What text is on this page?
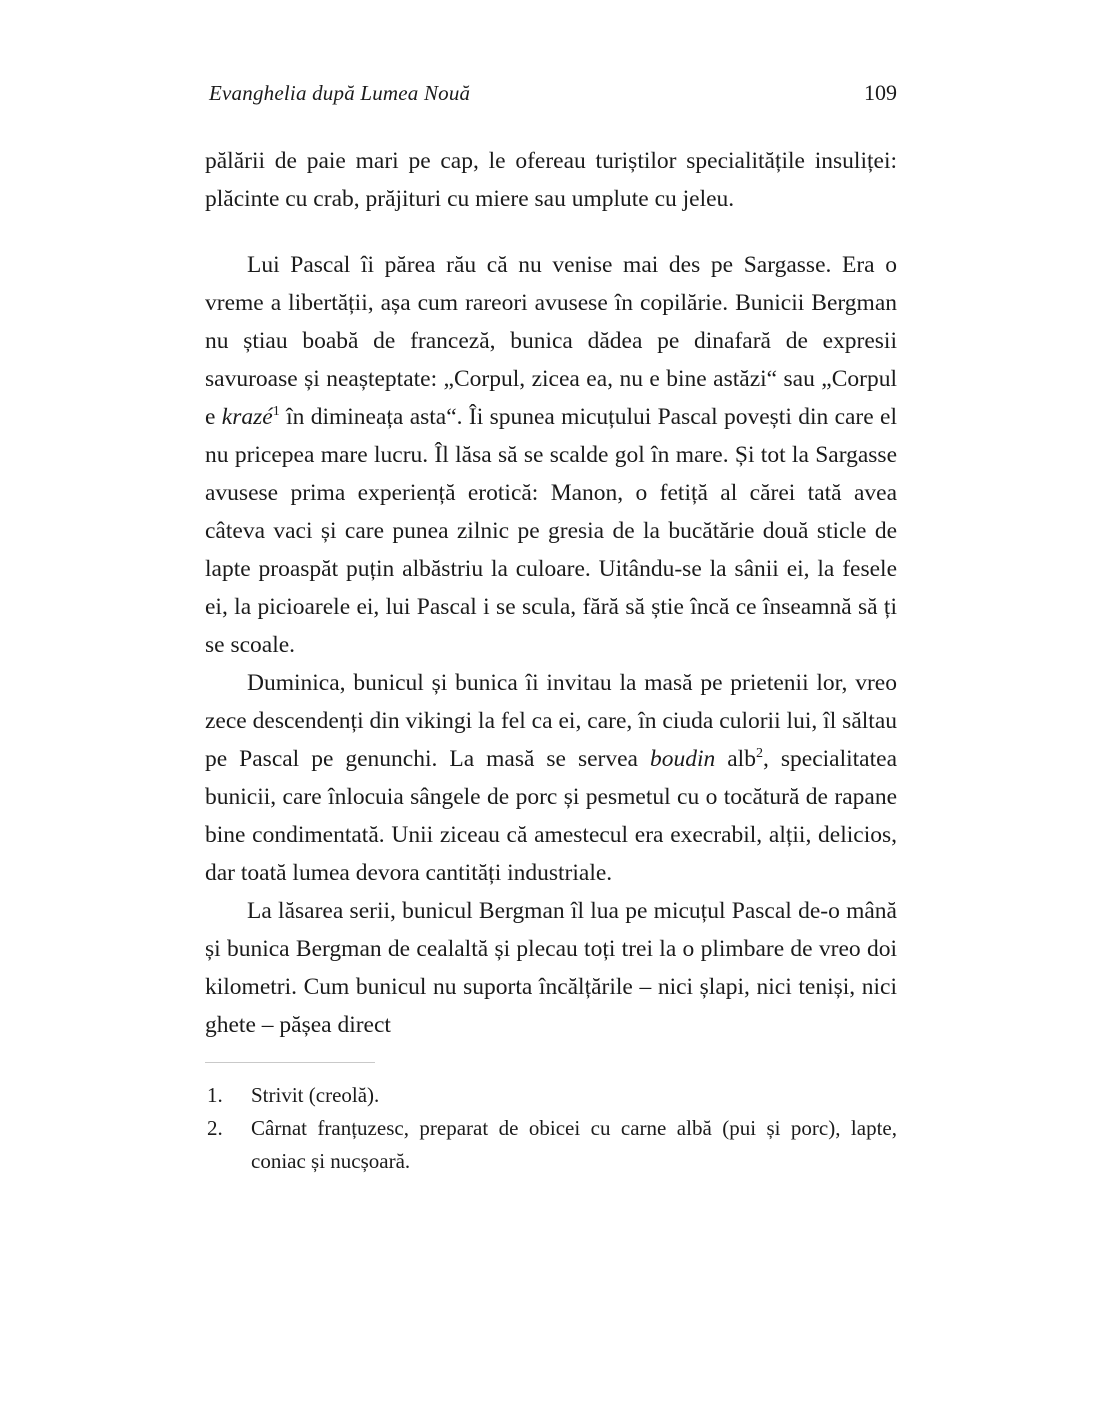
Evanghelia după Lumea Nouă	109

pălării de paie mari pe cap, le ofereau turiștilor specialitățile insuliței: plăcinte cu crab, prăjituri cu miere sau umplute cu jeleu.

Lui Pascal îi părea rău că nu venise mai des pe Sargasse. Era o vreme a libertății, așa cum rareori avusese în copilărie. Bunicii Bergman nu știau boabă de franceză, bunica dădea pe dinafară de expresii savuroase și neașteptate: „Corpul, zicea ea, nu e bine astăzi“ sau „Corpul e krazé$^1$ în dimineața asta“. Îi spunea micuțului Pascal povești din care el nu pricepea mare lucru. Îl lăsa să se scalde gol în mare. Și tot la Sargasse avusese prima experiență erotică: Manon, o fetiță al cărei tată avea câteva vaci și care punea zilnic pe gresia de la bucătărie două sticle de lapte proaspăt puțin albăstriu la culoare. Uitându-se la sânii ei, la fesele ei, la picioarele ei, lui Pascal i se scula, fără să știe încă ce înseamnă să ți se scoale.

Duminica, bunicul și bunica îi invitau la masă pe prietenii lor, vreo zece descendenți din vikingi la fel ca ei, care, în ciuda culorii lui, îl săltau pe Pascal pe genunchi. La masă se servea boudin alb$^2$, specialitatea bunicii, care înlocuia sângele de porc și pesmetul cu o tocătură de rapane bine condimentată. Unii ziceau că amestecul era execrabil, alții, delicios, dar toată lumea devora cantități industriale.

La lăsarea serii, bunicul Bergman îl lua pe micuțul Pascal de-o mână și bunica Bergman de cealaltă și plecau toți trei la o plimbare de vreo doi kilometri. Cum bunicul nu suporta încălțările – nici șlapi, nici teniși, nici ghete – pășea direct

1. Strivit (creolă).
2. Cârnat franțuzesc, preparat de obicei cu carne albă (pui și porc), lapte, coniac și nucșoară.
